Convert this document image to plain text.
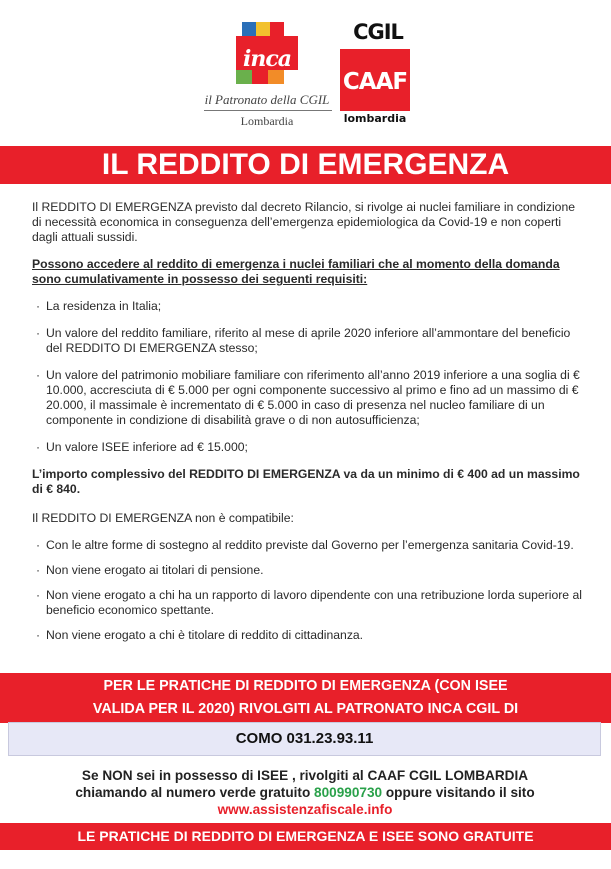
inca
il Patronato della CGIL
Lombardia
CGIL
CAAF
lombardia
IL REDDITO DI EMERGENZA

Il REDDITO DI EMERGENZA previsto dal decreto Rilancio, si rivolge ai nuclei familiare in condizione di necessità economica in conseguenza dell’emergenza epidemiologica da Covid-19 e non coperti dagli attuali sussidi.

Possono accedere al reddito di emergenza i nuclei familiari che al momento della domanda sono cumulativamente in possesso dei seguenti requisiti:

· La residenza in Italia;

· Un valore del reddito familiare, riferito al mese di aprile 2020 inferiore all’ammontare del beneficio del REDDITO DI EMERGENZA stesso;

· Un valore del patrimonio mobiliare familiare con riferimento all’anno 2019 inferiore a una soglia di € 10.000, accresciuta di € 5.000 per ogni componente successivo al primo e fino ad un massimo di € 20.000, il massimale è incrementato di € 5.000 in caso di presenza nel nucleo familiare di un componente in condizione di disabilità grave o di non autosufficienza;

· Un valore ISEE inferiore ad € 15.000;

L’importo complessivo del REDDITO DI EMERGENZA va da un minimo di € 400 ad un massimo di € 840.

Il REDDITO DI EMERGENZA non è compatibile:

· Con le altre forme di sostegno al reddito previste dal Governo per l’emergenza sanitaria Covid-19.

· Non viene erogato ai titolari di pensione.

· Non viene erogato a chi ha un rapporto di lavoro dipendente con una retribuzione lorda superiore al beneficio economico spettante.

· Non viene erogato a chi è titolare di reddito di cittadinanza.

PER LE PRATICHE DI REDDITO DI EMERGENZA (CON ISEE
VALIDA PER IL 2020) RIVOLGITI AL PATRONATO INCA CGIL DI
COMO 031.23.93.11
Se NON sei in possesso di ISEE , rivolgiti al CAAF CGIL LOMBARDIA
chiamando al numero verde gratuito 800990730 oppure visitando il sito
www.assistenzafiscale.info
LE PRATICHE DI REDDITO DI EMERGENZA E ISEE SONO GRATUITE
